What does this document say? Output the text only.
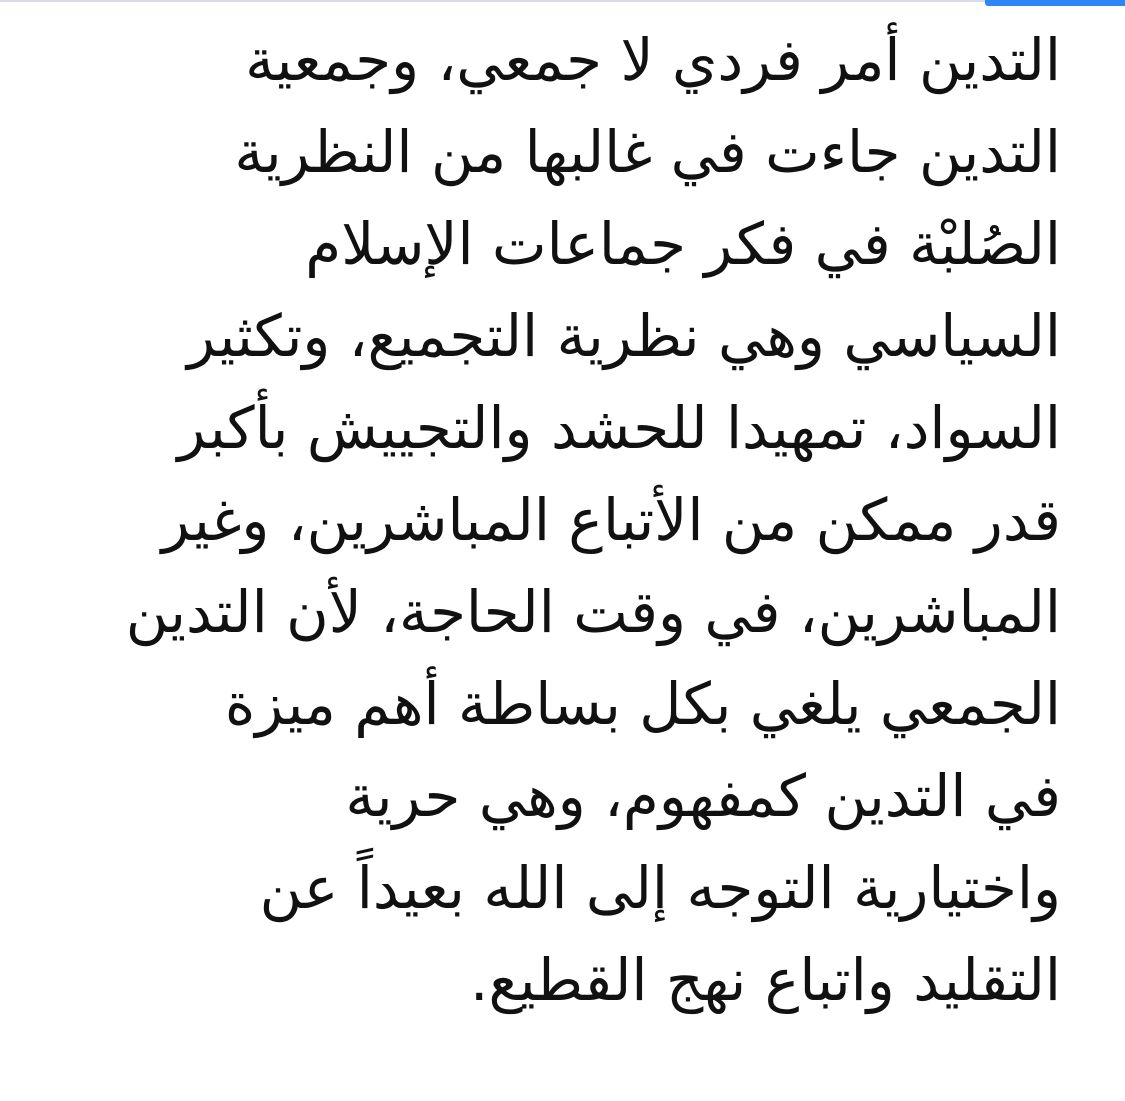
التدين أمر فردي لا جمعي، وجمعية
التدين جاءت في غالبها من النظرية
الصُلبْة في فكر جماعات الإسلام
السياسي وهي نظرية التجميع، وتكثير
السواد، تمهيدا للحشد والتجييش بأكبر
قدر ممكن من الأتباع المباشرين، وغير
المباشرين، في وقت الحاجة، لأن التدين
الجمعي يلغي بكل بساطة أهم ميزة
في التدين كمفهوم، وهي حرية
واختيارية التوجه إلى الله بعيداً عن
التقليد واتباع نهج القطيع.
